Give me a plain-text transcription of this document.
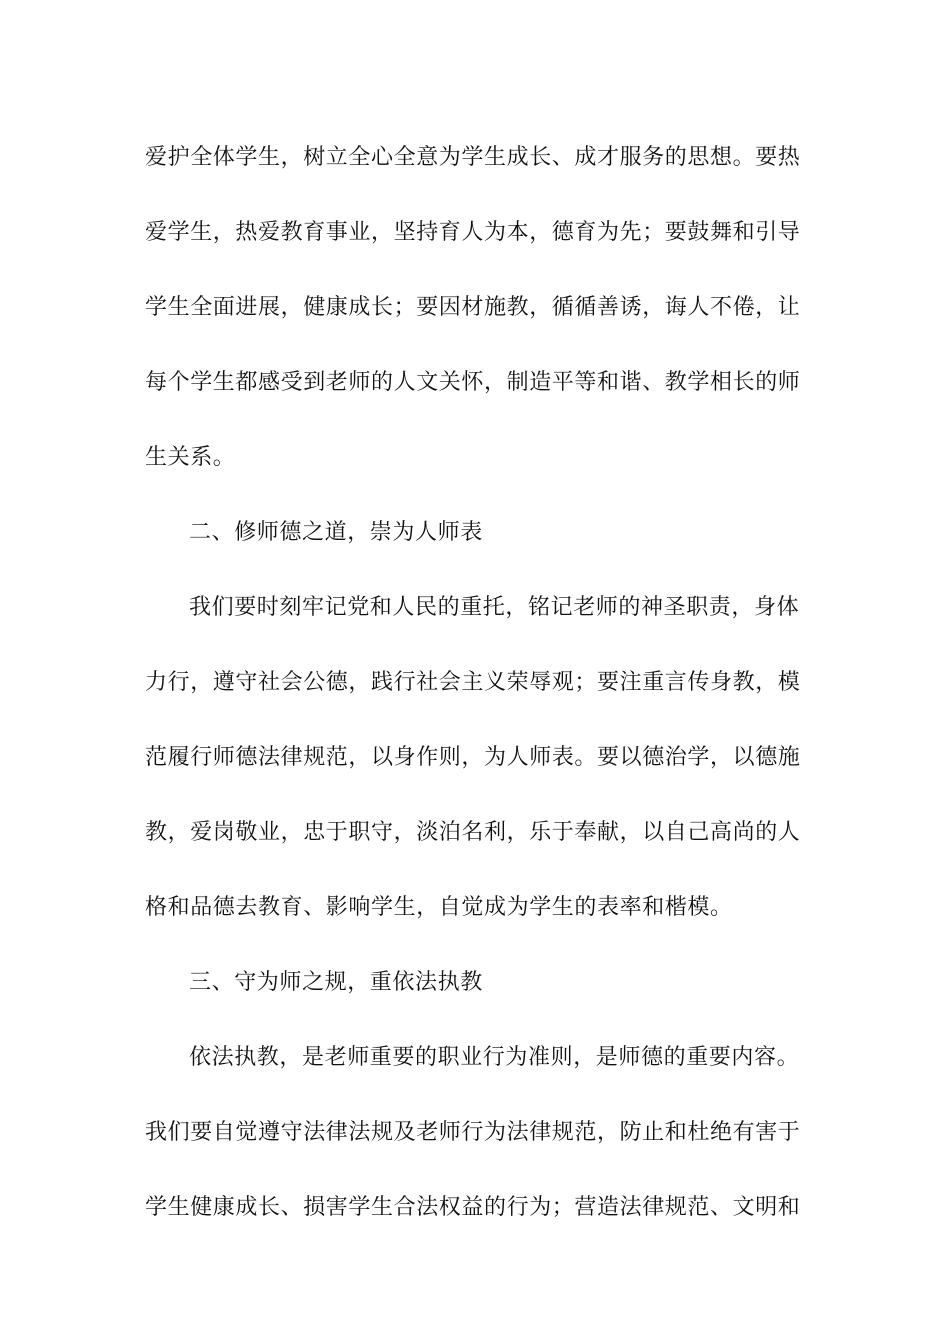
爱护全体学生，树立全心全意为学生成长、成才服务的思想。要热
爱学生，热爱教育事业，坚持育人为本，德育为先；要鼓舞和引导
学生全面进展，健康成长；要因材施教，循循善诱，诲人不倦，让
每个学生都感受到老师的人文关怀，制造平等和谐、教学相长的师
生关系。
二、修师德之道，崇为人师表
我们要时刻牢记党和人民的重托，铭记老师的神圣职责，身体
力行，遵守社会公德，践行社会主义荣辱观；要注重言传身教，模
范履行师德法律规范，以身作则，为人师表。要以德治学，以德施
教，爱岗敬业，忠于职守，淡泊名利，乐于奉献，以自己高尚的人
格和品德去教育、影响学生，自觉成为学生的表率和楷模。
三、守为师之规，重依法执教
依法执教，是老师重要的职业行为准则，是师德的重要内容。
我们要自觉遵守法律法规及老师行为法律规范，防止和杜绝有害于
学生健康成长、损害学生合法权益的行为；营造法律规范、文明和
